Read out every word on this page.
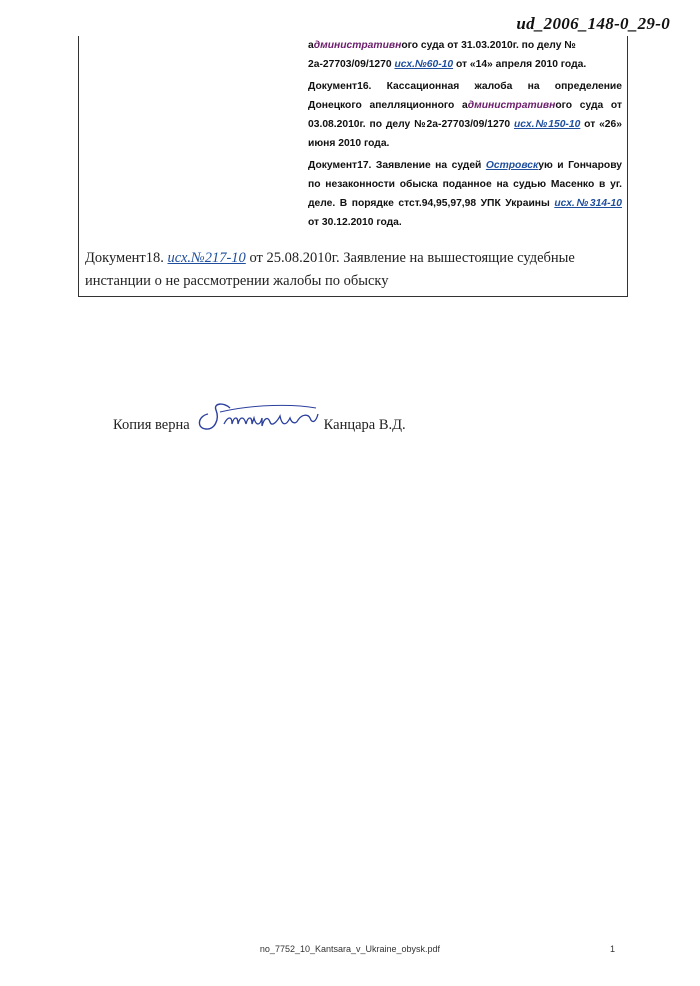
ud_2006_148-0_29-0

административного суда от 31.03.2010г. по делу №
2а-27703/09/1270 исх.№60-10 от «14» апреля 2010 года.

Документ16. Кассационная жалоба на определение Донецкого апелляционного административного суда от 03.08.2010г. по делу №2а-27703/09/1270 исх.№150-10 от «26» июня 2010 года.

Документ17. Заявление на судей Островскую и Гончарову по незаконности обыска поданное на судью Масенко в уг. деле. В порядке стст.94,95,97,98 УПК Украины исх.№314-10 от 30.12.2010 года.

Документ18. исх.№217-10 от 25.08.2010г. Заявление на вышестоящие судебные инстанции о не рассмотрении жалобы по обыску
Копия верна	Канцара В.Д.
no_7752_10_Kantsara_v_Ukraine_obysk.pdf	1
